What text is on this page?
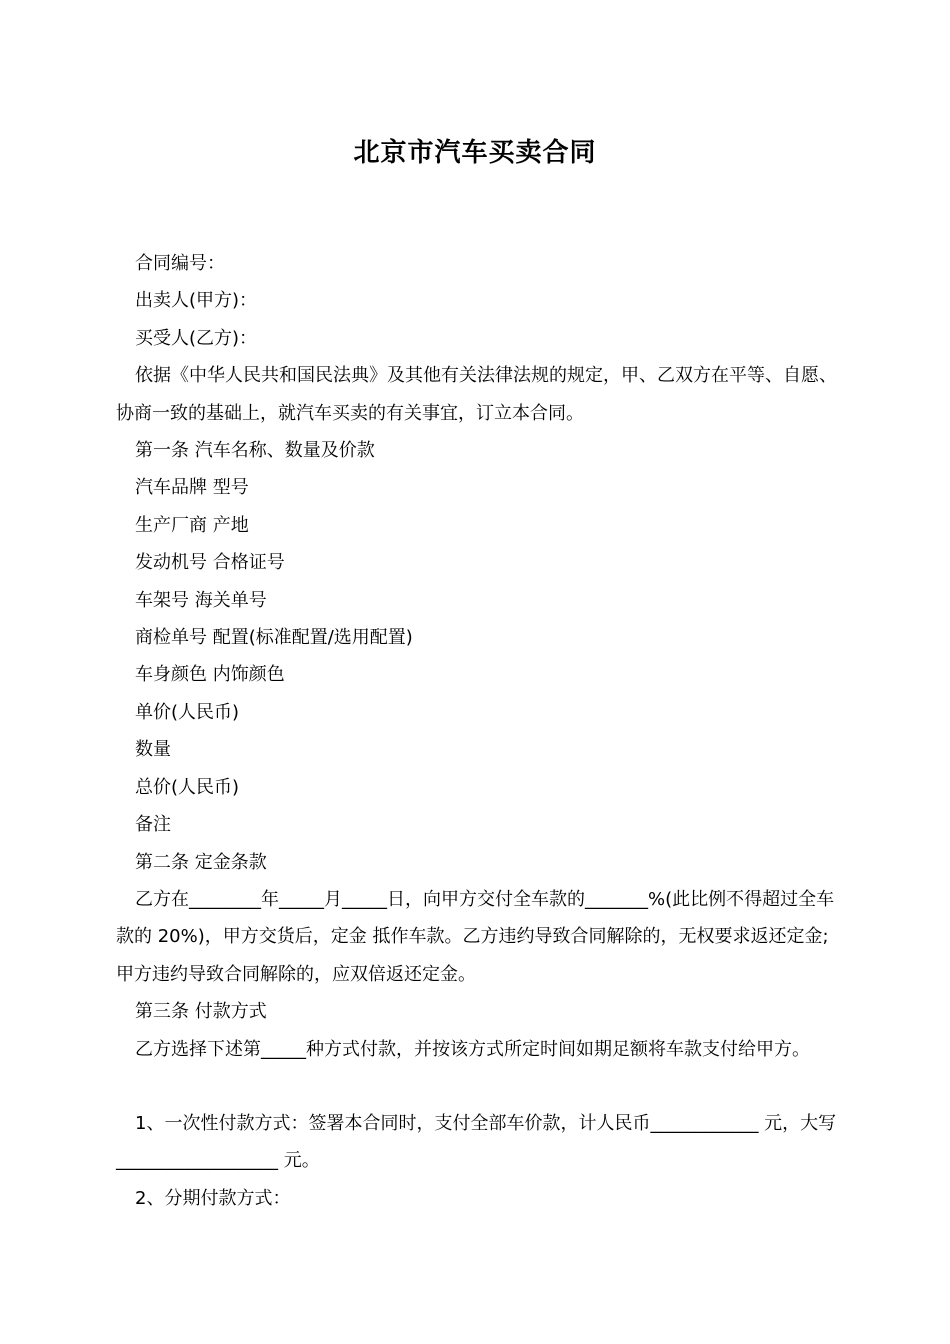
北京市汽车买卖合同

合同编号：

出卖人(甲方)：

买受人(乙方)：

依据《中华人民共和国民法典》及其他有关法律法规的规定，甲、乙双方在平等、自愿、协商一致的基础上，就汽车买卖的有关事宜，订立本合同。

第一条 汽车名称、数量及价款

汽车品牌 型号

生产厂商 产地

发动机号 合格证号

车架号 海关单号

商检单号 配置(标准配置/选用配置)

车身颜色 内饰颜色

单价(人民币)

数量

总价(人民币)

备注

第二条 定金条款

乙方在________年_____月_____日，向甲方交付全车款的_______%(此比例不得超过全车款的 20%)，甲方交货后，定金 抵作车款。乙方违约导致合同解除的，无权要求返还定金;甲方违约导致合同解除的，应双倍返还定金。

第三条 付款方式

乙方选择下述第_____种方式付款，并按该方式所定时间如期足额将车款支付给甲方。

1、一次性付款方式：签署本合同时，支付全部车价款，计人民币____________ 元，大写__________________ 元。

2、分期付款方式：
